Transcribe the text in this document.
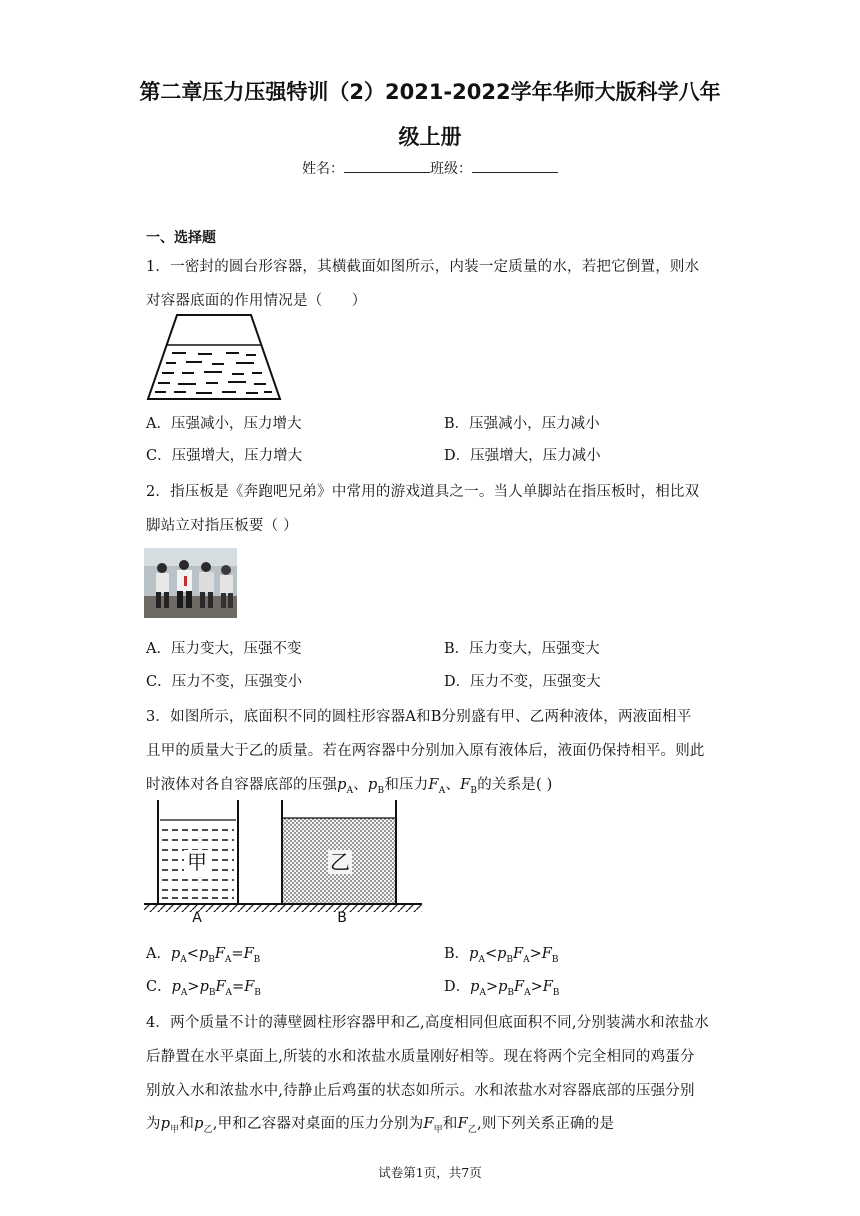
第二章压力压强特训（2）2021-2022学年华师大版科学八年
级上册
姓名：	班级：
一、选择题
1．一密封的圆台形容器，其横截面如图所示，内装一定质量的水，若把它倒置，则水
对容器底面的作用情况是（　　）
A．压强减小，压力增大	B．压强减小，压力减小
C．压强增大，压力增大	D．压强增大，压力减小
2．指压板是《奔跑吧兄弟》中常用的游戏道具之一。当人单脚站在指压板时，相比双
脚站立对指压板要（ ）
A．压力变大，压强不变	B．压力变大，压强变大
C．压力不变，压强变小	D．压力不变，压强变大
3．如图所示，底面积不同的圆柱形容器A和B分别盛有甲、乙两种液体，两液面相平
且甲的质量大于乙的质量。若在两容器中分别加入原有液体后，液面仍保持相平。则此
时液体对各自容器底部的压强$p_A$、$p_B$和压力$F_A$、$F_B$的关系是( )
甲
A
乙
B
A．$p_A<p_BF_A=F_B$	B．$p_A<p_BF_A>F_B$
C．$p_A>p_BF_A=F_B$	D．$p_A>p_BF_A>F_B$
4．两个质量不计的薄壁圆柱形容器甲和乙,高度相同但底面积不同,分别装满水和浓盐水
后静置在水平桌面上,所装的水和浓盐水质量刚好相等。现在将两个完全相同的鸡蛋分
别放入水和浓盐水中,待静止后鸡蛋的状态如所示。水和浓盐水对容器底部的压强分别
为$p_甲$和$p_乙$,甲和乙容器对桌面的压力分别为$F_甲$和$F_乙$,则下列关系正确的是
试卷第1页，共7页
